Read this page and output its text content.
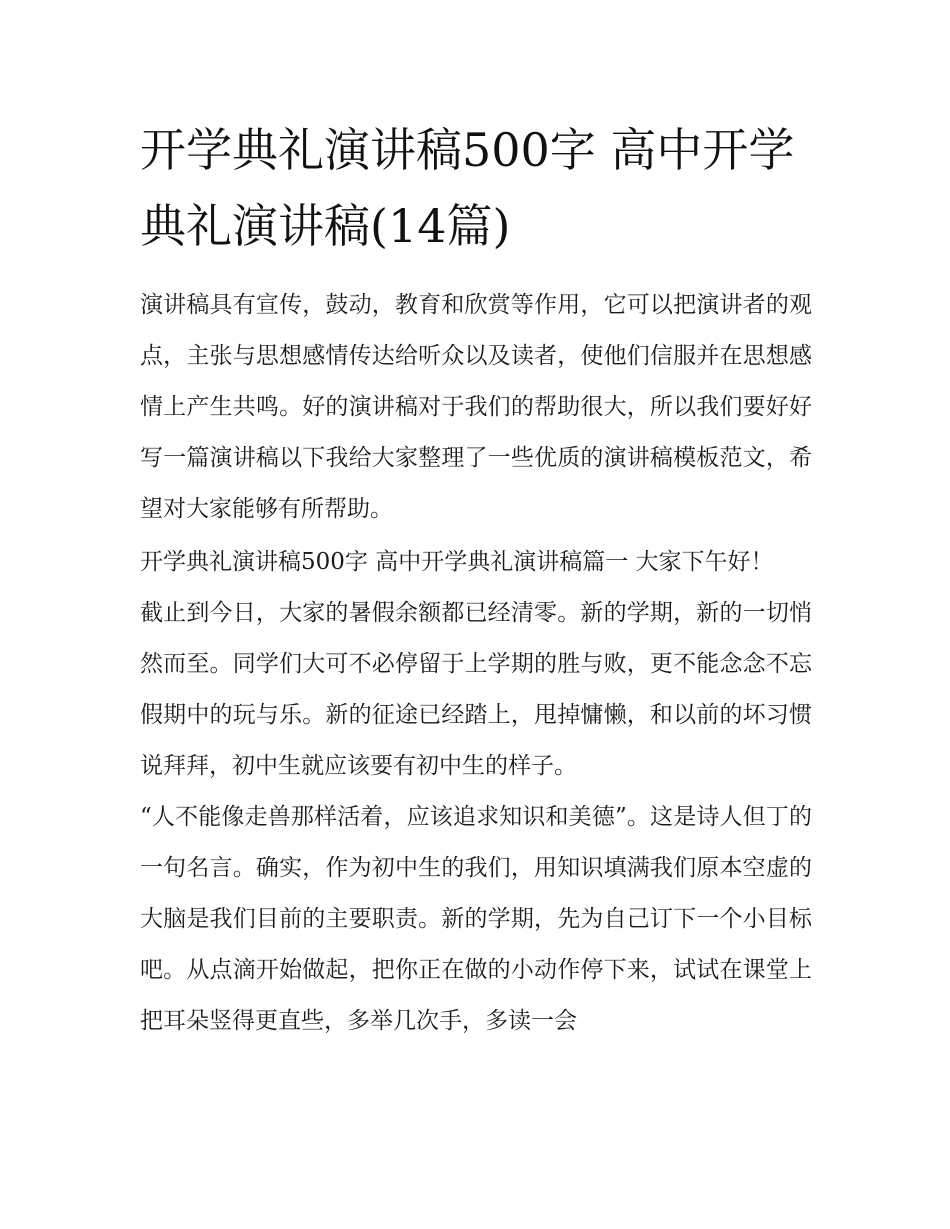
开学典礼演讲稿500字 高中开学典礼演讲稿(14篇)

演讲稿具有宣传，鼓动，教育和欣赏等作用，它可以把演讲者的观点，主张与思想感情传达给听众以及读者，使他们信服并在思想感情上产生共鸣。好的演讲稿对于我们的帮助很大，所以我们要好好写一篇演讲稿以下我给大家整理了一些优质的演讲稿模板范文，希望对大家能够有所帮助。

开学典礼演讲稿500字 高中开学典礼演讲稿篇一 大家下午好！

截止到今日，大家的暑假余额都已经清零。新的学期，新的一切悄然而至。同学们大可不必停留于上学期的胜与败，更不能念念不忘假期中的玩与乐。新的征途已经踏上，甩掉慵懒，和以前的坏习惯说拜拜，初中生就应该要有初中生的样子。

“人不能像走兽那样活着，应该追求知识和美德”。这是诗人但丁的一句名言。确实，作为初中生的我们，用知识填满我们原本空虚的大脑是我们目前的主要职责。新的学期，先为自己订下一个小目标吧。从点滴开始做起，把你正在做的小动作停下来，试试在课堂上把耳朵竖得更直些，多举几次手，多读一会
